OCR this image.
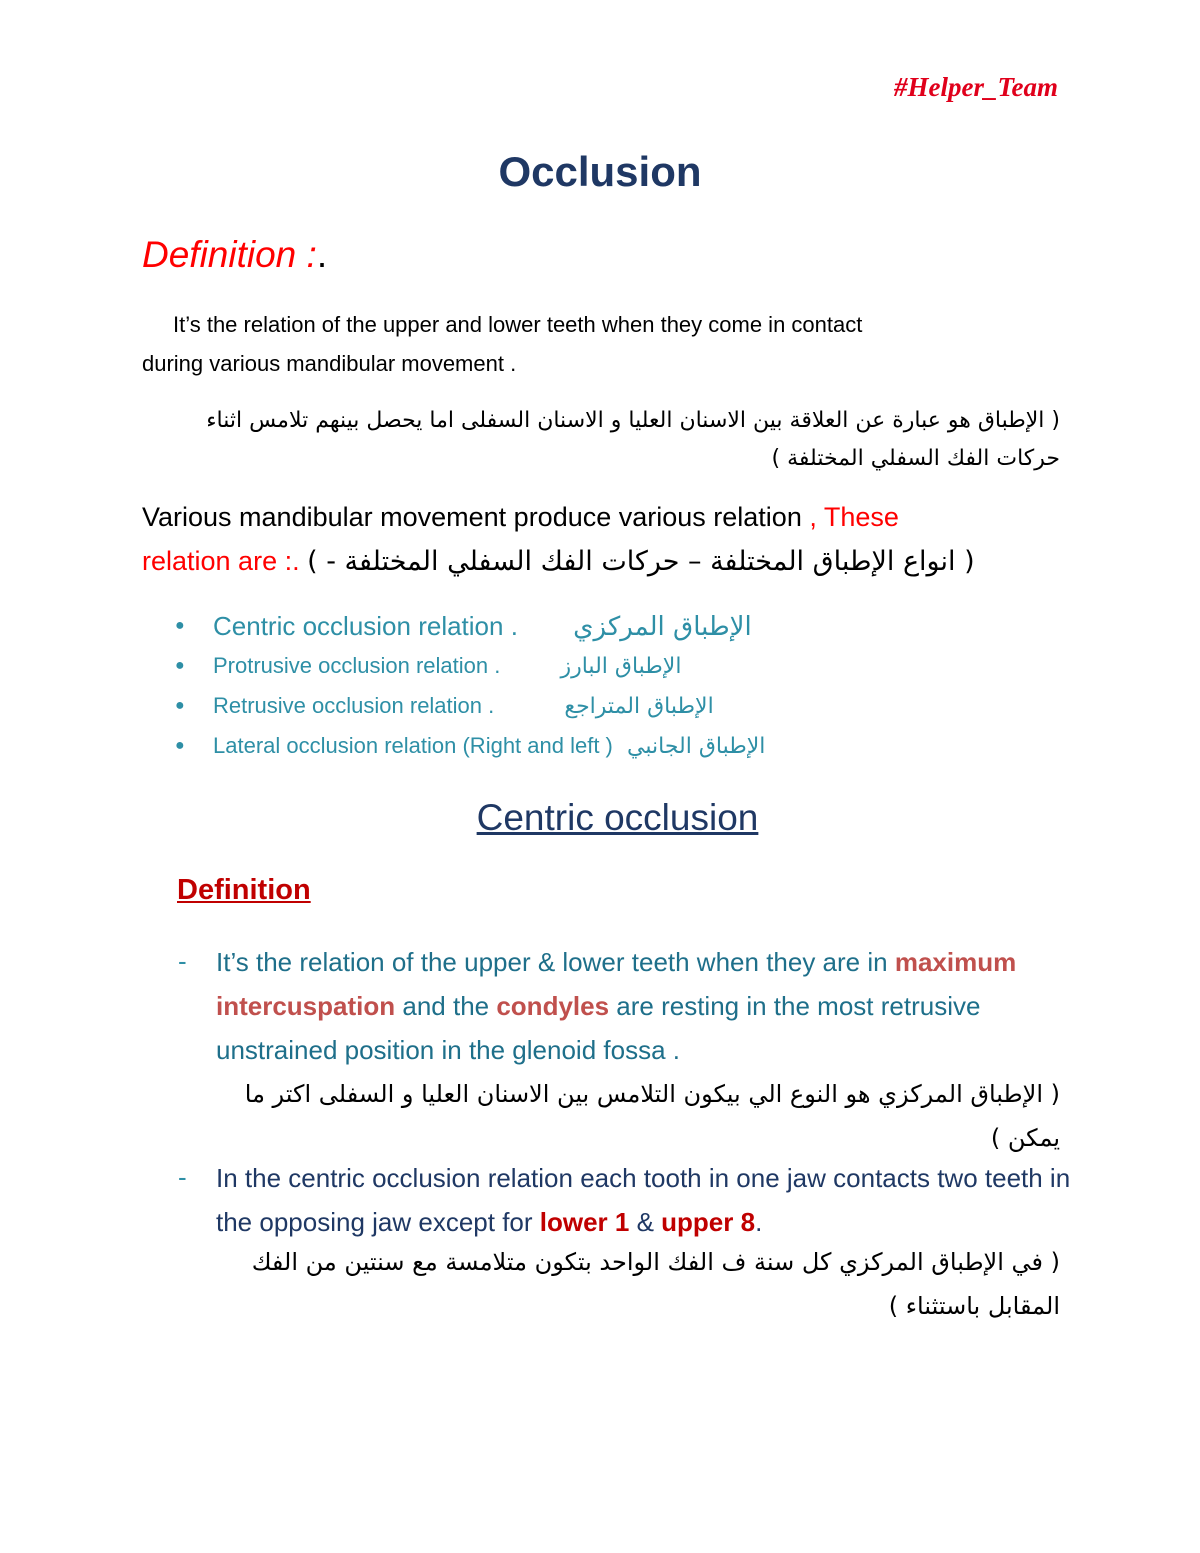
#Helper_Team
Occlusion
Definition :.
It’s the relation of the upper and lower teeth when they come in contact
during various mandibular movement .
( الإطباق هو عبارة عن العلاقة بين الاسنان العليا و الاسنان السفلى اما يحصل بينهم تلامس اثناء حركات الفك السفلي المختلفة )
Various mandibular movement produce various relation , These
relation are :. ( انواع الإطباق المختلفة – حركات الفك السفلي المختلفة - )
● Centric occlusion relation . الإطباق المركزي
● Protrusive occlusion relation .	الإطباق البارز
● Retrusive occlusion relation .	الإطباق المتراجع
● Lateral occlusion relation (Right and left ) الإطباق الجانبي
Centric occlusion
Definition
- It’s the relation of the upper & lower teeth when they are in maximum intercuspation and the condyles are resting in the most retrusive unstrained position in the glenoid fossa .
( الإطباق المركزي هو النوع الي بيكون التلامس بين الاسنان العليا و السفلى اكتر ما يمكن )
- In the centric occlusion relation each tooth in one jaw contacts two teeth in the opposing jaw except for lower 1 & upper 8.
( في الإطباق المركزي كل سنة ف الفك الواحد بتكون متلامسة مع سنتين من الفك المقابل باستثناء )
